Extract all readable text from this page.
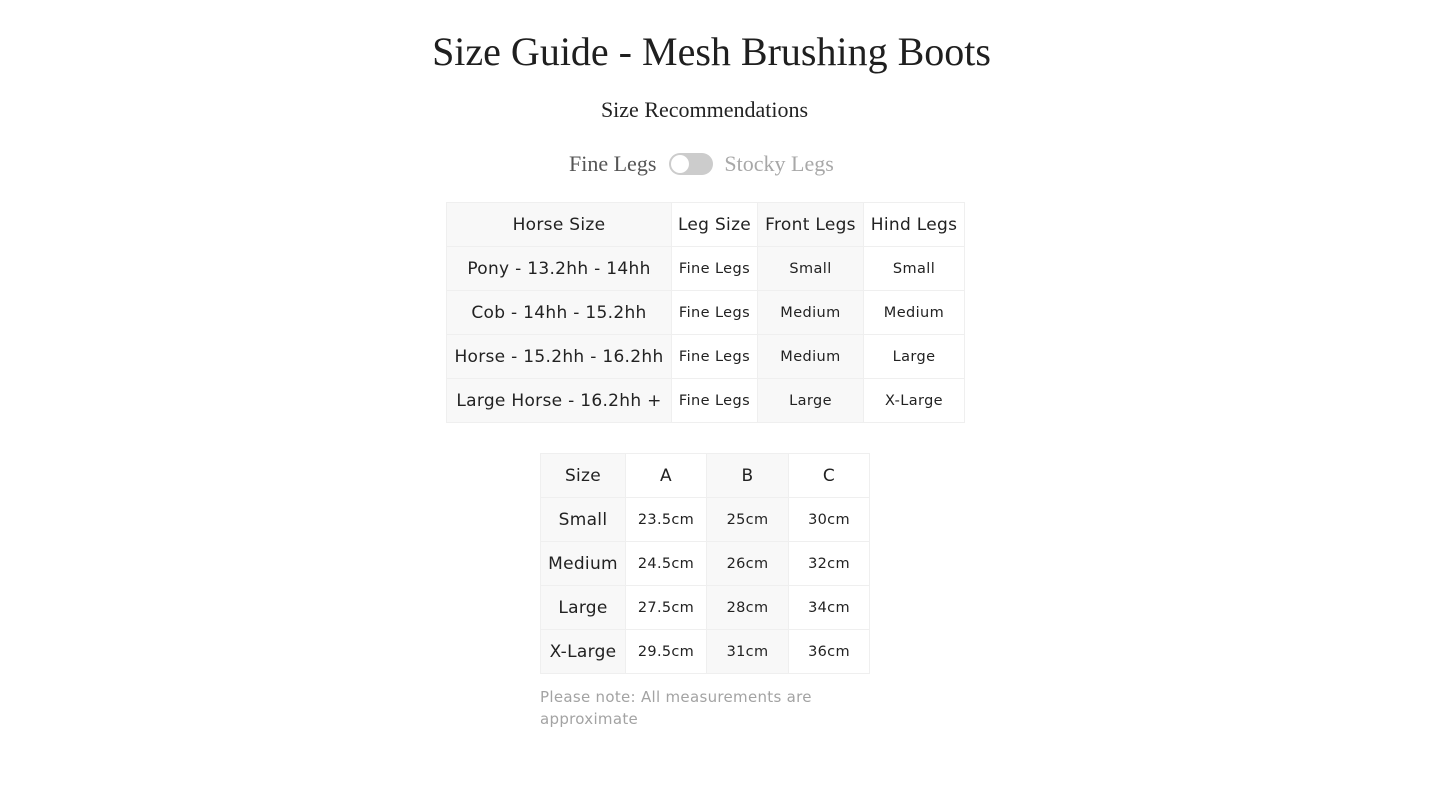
Size Guide - Mesh Brushing Boots
Size Recommendations
Fine Legs	Stocky Legs
Horse Size	Leg Size	Front Legs	Hind Legs
Pony - 13.2hh - 14hh	Fine Legs	Small	Small
Cob - 14hh - 15.2hh	Fine Legs	Medium	Medium
Horse - 15.2hh - 16.2hh	Fine Legs	Medium	Large
Large Horse - 16.2hh +	Fine Legs	Large	X-Large
Size	A	B	C
Small	23.5cm	25cm	30cm
Medium	24.5cm	26cm	32cm
Large	27.5cm	28cm	34cm
X-Large	29.5cm	31cm	36cm
Please note: All measurements are approximate
